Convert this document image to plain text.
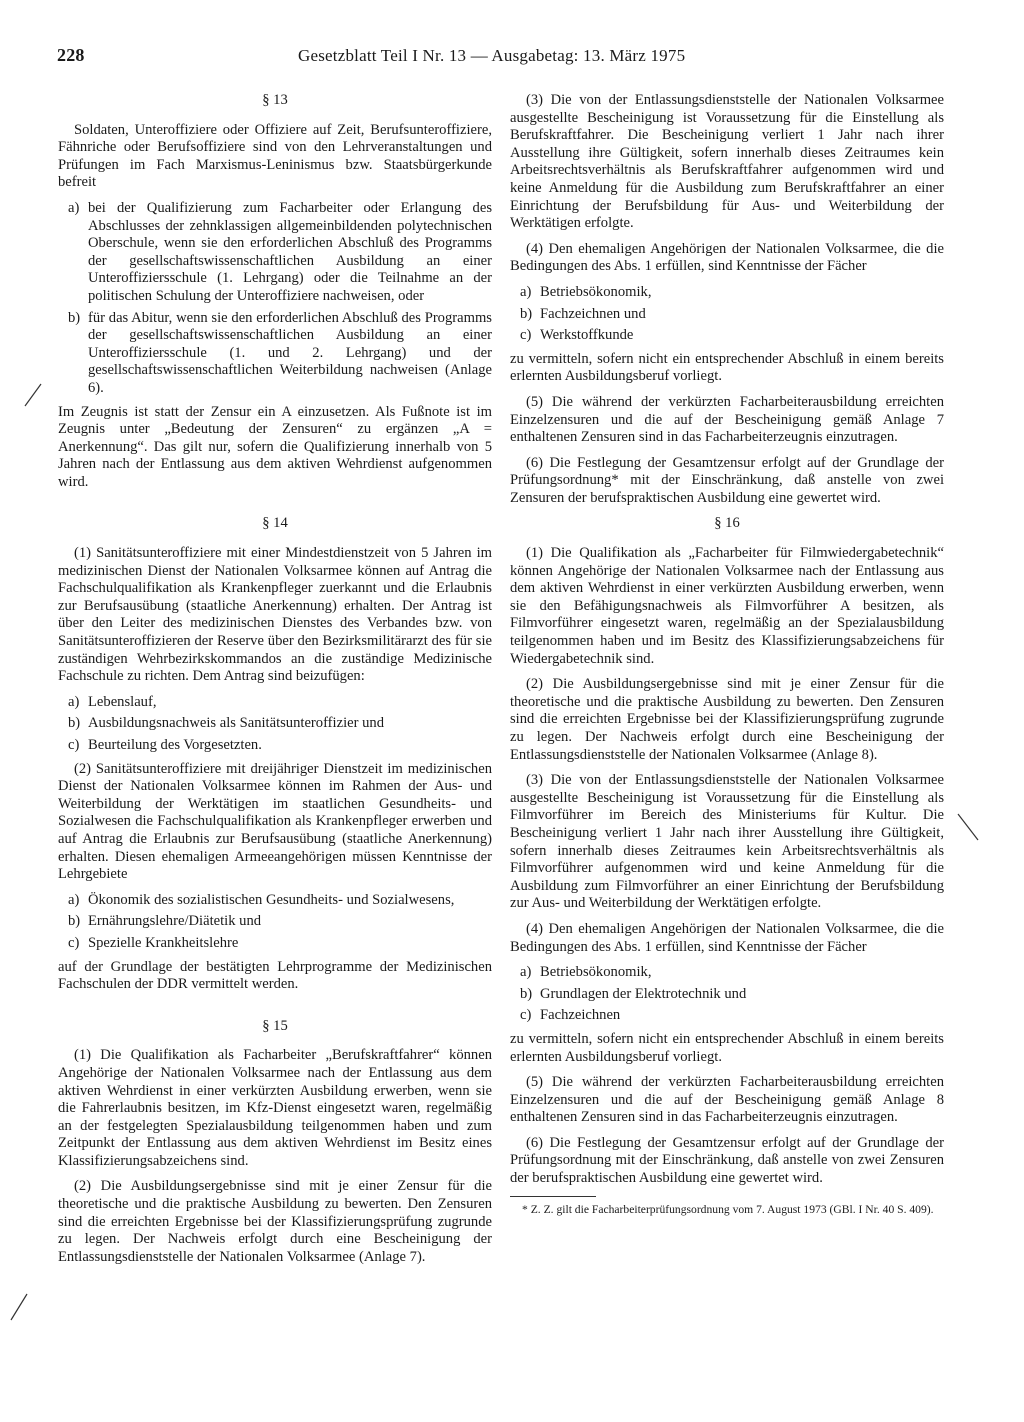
228	Gesetzblatt Teil I Nr. 13 — Ausgabetag: 13. März 1975
§ 13

Soldaten, Unteroffiziere oder Offiziere auf Zeit, Berufsunteroffiziere, Fähnriche oder Berufsoffiziere sind von den Lehrveranstaltungen und Prüfungen im Fach Marxismus-Leninismus bzw. Staatsbürgerkunde befreit

a) bei der Qualifizierung zum Facharbeiter oder Erlangung des Abschlusses der zehnklassigen allgemeinbildenden polytechnischen Oberschule, wenn sie den erforderlichen Abschluß des Programms der gesellschaftswissenschaftlichen Ausbildung an einer Unteroffiziersschule (1. Lehrgang) oder die Teilnahme an der politischen Schulung der Unteroffiziere nachweisen, oder
b) für das Abitur, wenn sie den erforderlichen Abschluß des Programms der gesellschaftswissenschaftlichen Ausbildung an einer Unteroffiziersschule (1. und 2. Lehrgang) und der gesellschaftswissenschaftlichen Weiterbildung nachweisen (Anlage 6).

Im Zeugnis ist statt der Zensur ein A einzusetzen. Als Fußnote ist im Zeugnis unter „Bedeutung der Zensuren“ zu ergänzen „A = Anerkennung“. Das gilt nur, sofern die Qualifizierung innerhalb von 5 Jahren nach der Entlassung aus dem aktiven Wehrdienst aufgenommen wird.

§ 14

(1) Sanitätsunteroffiziere mit einer Mindestdienstzeit von 5 Jahren im medizinischen Dienst der Nationalen Volksarmee können auf Antrag die Fachschulqualifikation als Krankenpfleger zuerkannt und die Erlaubnis zur Berufsausübung (staatliche Anerkennung) erhalten. Der Antrag ist über den Leiter des medizinischen Dienstes des Verbandes bzw. von Sanitätsunteroffizieren der Reserve über den Bezirksmilitärarzt des für sie zuständigen Wehrbezirkskommandos an die zuständige Medizinische Fachschule zu richten. Dem Antrag sind beizufügen:

a) Lebenslauf,
b) Ausbildungsnachweis als Sanitätsunteroffizier und
c) Beurteilung des Vorgesetzten.

(2) Sanitätsunteroffiziere mit dreijähriger Dienstzeit im medizinischen Dienst der Nationalen Volksarmee können im Rahmen der Aus- und Weiterbildung der Werktätigen im staatlichen Gesundheits- und Sozialwesen die Fachschulqualifikation als Krankenpfleger erwerben und auf Antrag die Erlaubnis zur Berufsausübung (staatliche Anerkennung) erhalten. Diesen ehemaligen Armeeangehörigen müssen Kenntnisse der Lehrgebiete

a) Ökonomik des sozialistischen Gesundheits- und Sozialwesens,
b) Ernährungslehre/Diätetik und
c) Spezielle Krankheitslehre

auf der Grundlage der bestätigten Lehrprogramme der Medizinischen Fachschulen der DDR vermittelt werden.

§ 15

(1) Die Qualifikation als Facharbeiter „Berufskraftfahrer“ können Angehörige der Nationalen Volksarmee nach der Entlassung aus dem aktiven Wehrdienst in einer verkürzten Ausbildung erwerben, wenn sie die Fahrerlaubnis besitzen, im Kfz-Dienst eingesetzt waren, regelmäßig an der festgelegten Spezialausbildung teilgenommen haben und zum Zeitpunkt der Entlassung aus dem aktiven Wehrdienst im Besitz eines Klassifizierungsabzeichens sind.

(2) Die Ausbildungsergebnisse sind mit je einer Zensur für die theoretische und die praktische Ausbildung zu bewerten. Den Zensuren sind die erreichten Ergebnisse bei der Klassifizierungsprüfung zugrunde zu legen. Der Nachweis erfolgt durch eine Bescheinigung der Entlassungsdienststelle der Nationalen Volksarmee (Anlage 7).

(3) Die von der Entlassungsdienststelle der Nationalen Volksarmee ausgestellte Bescheinigung ist Voraussetzung für die Einstellung als Berufskraftfahrer. Die Bescheinigung verliert 1 Jahr nach ihrer Ausstellung ihre Gültigkeit, sofern innerhalb dieses Zeitraumes kein Arbeitsrechtsverhältnis als Berufskraftfahrer aufgenommen wird und keine Anmeldung für die Ausbildung zum Berufskraftfahrer an einer Einrichtung der Berufsbildung für Aus- und Weiterbildung der Werktätigen erfolgte.

(4) Den ehemaligen Angehörigen der Nationalen Volksarmee, die die Bedingungen des Abs. 1 erfüllen, sind Kenntnisse der Fächer

a) Betriebsökonomik,
b) Fachzeichnen und
c) Werkstoffkunde

zu vermitteln, sofern nicht ein entsprechender Abschluß in einem bereits erlernten Ausbildungsberuf vorliegt.

(5) Die während der verkürzten Facharbeiterausbildung erreichten Einzelzensuren und die auf der Bescheinigung gemäß Anlage 7 enthaltenen Zensuren sind in das Facharbeiterzeugnis einzutragen.

(6) Die Festlegung der Gesamtzensur erfolgt auf der Grundlage der Prüfungsordnung* mit der Einschränkung, daß anstelle von zwei Zensuren der berufspraktischen Ausbildung eine gewertet wird.

§ 16

(1) Die Qualifikation als „Facharbeiter für Filmwiedergabetechnik“ können Angehörige der Nationalen Volksarmee nach der Entlassung aus dem aktiven Wehrdienst in einer verkürzten Ausbildung erwerben, wenn sie den Befähigungsnachweis als Filmvorführer A besitzen, als Filmvorführer eingesetzt waren, regelmäßig an der Spezialausbildung teilgenommen haben und im Besitz des Klassifizierungsabzeichens für Wiedergabetechnik sind.

(2) Die Ausbildungsergebnisse sind mit je einer Zensur für die theoretische und die praktische Ausbildung zu bewerten. Den Zensuren sind die erreichten Ergebnisse bei der Klassifizierungsprüfung zugrunde zu legen. Der Nachweis erfolgt durch eine Bescheinigung der Entlassungsdienststelle der Nationalen Volksarmee (Anlage 8).

(3) Die von der Entlassungsdienststelle der Nationalen Volksarmee ausgestellte Bescheinigung ist Voraussetzung für die Einstellung als Filmvorführer im Bereich des Ministeriums für Kultur. Die Bescheinigung verliert 1 Jahr nach ihrer Ausstellung ihre Gültigkeit, sofern innerhalb dieses Zeitraumes kein Arbeitsrechtsverhältnis als Filmvorführer aufgenommen wird und keine Anmeldung für die Ausbildung zum Filmvorführer an einer Einrichtung der Berufsbildung zur Aus- und Weiterbildung der Werktätigen erfolgte.

(4) Den ehemaligen Angehörigen der Nationalen Volksarmee, die die Bedingungen des Abs. 1 erfüllen, sind Kenntnisse der Fächer

a) Betriebsökonomik,
b) Grundlagen der Elektrotechnik und
c) Fachzeichnen

zu vermitteln, sofern nicht ein entsprechender Abschluß in einem bereits erlernten Ausbildungsberuf vorliegt.

(5) Die während der verkürzten Facharbeiterausbildung erreichten Einzelzensuren und die auf der Bescheinigung gemäß Anlage 8 enthaltenen Zensuren sind in das Facharbeiterzeugnis einzutragen.

(6) Die Festlegung der Gesamtzensur erfolgt auf der Grundlage der Prüfungsordnung mit der Einschränkung, daß anstelle von zwei Zensuren der berufspraktischen Ausbildung eine gewertet wird.

* Z. Z. gilt die Facharbeiterprüfungsordnung vom 7. August 1973 (GBl. I Nr. 40 S. 409).
